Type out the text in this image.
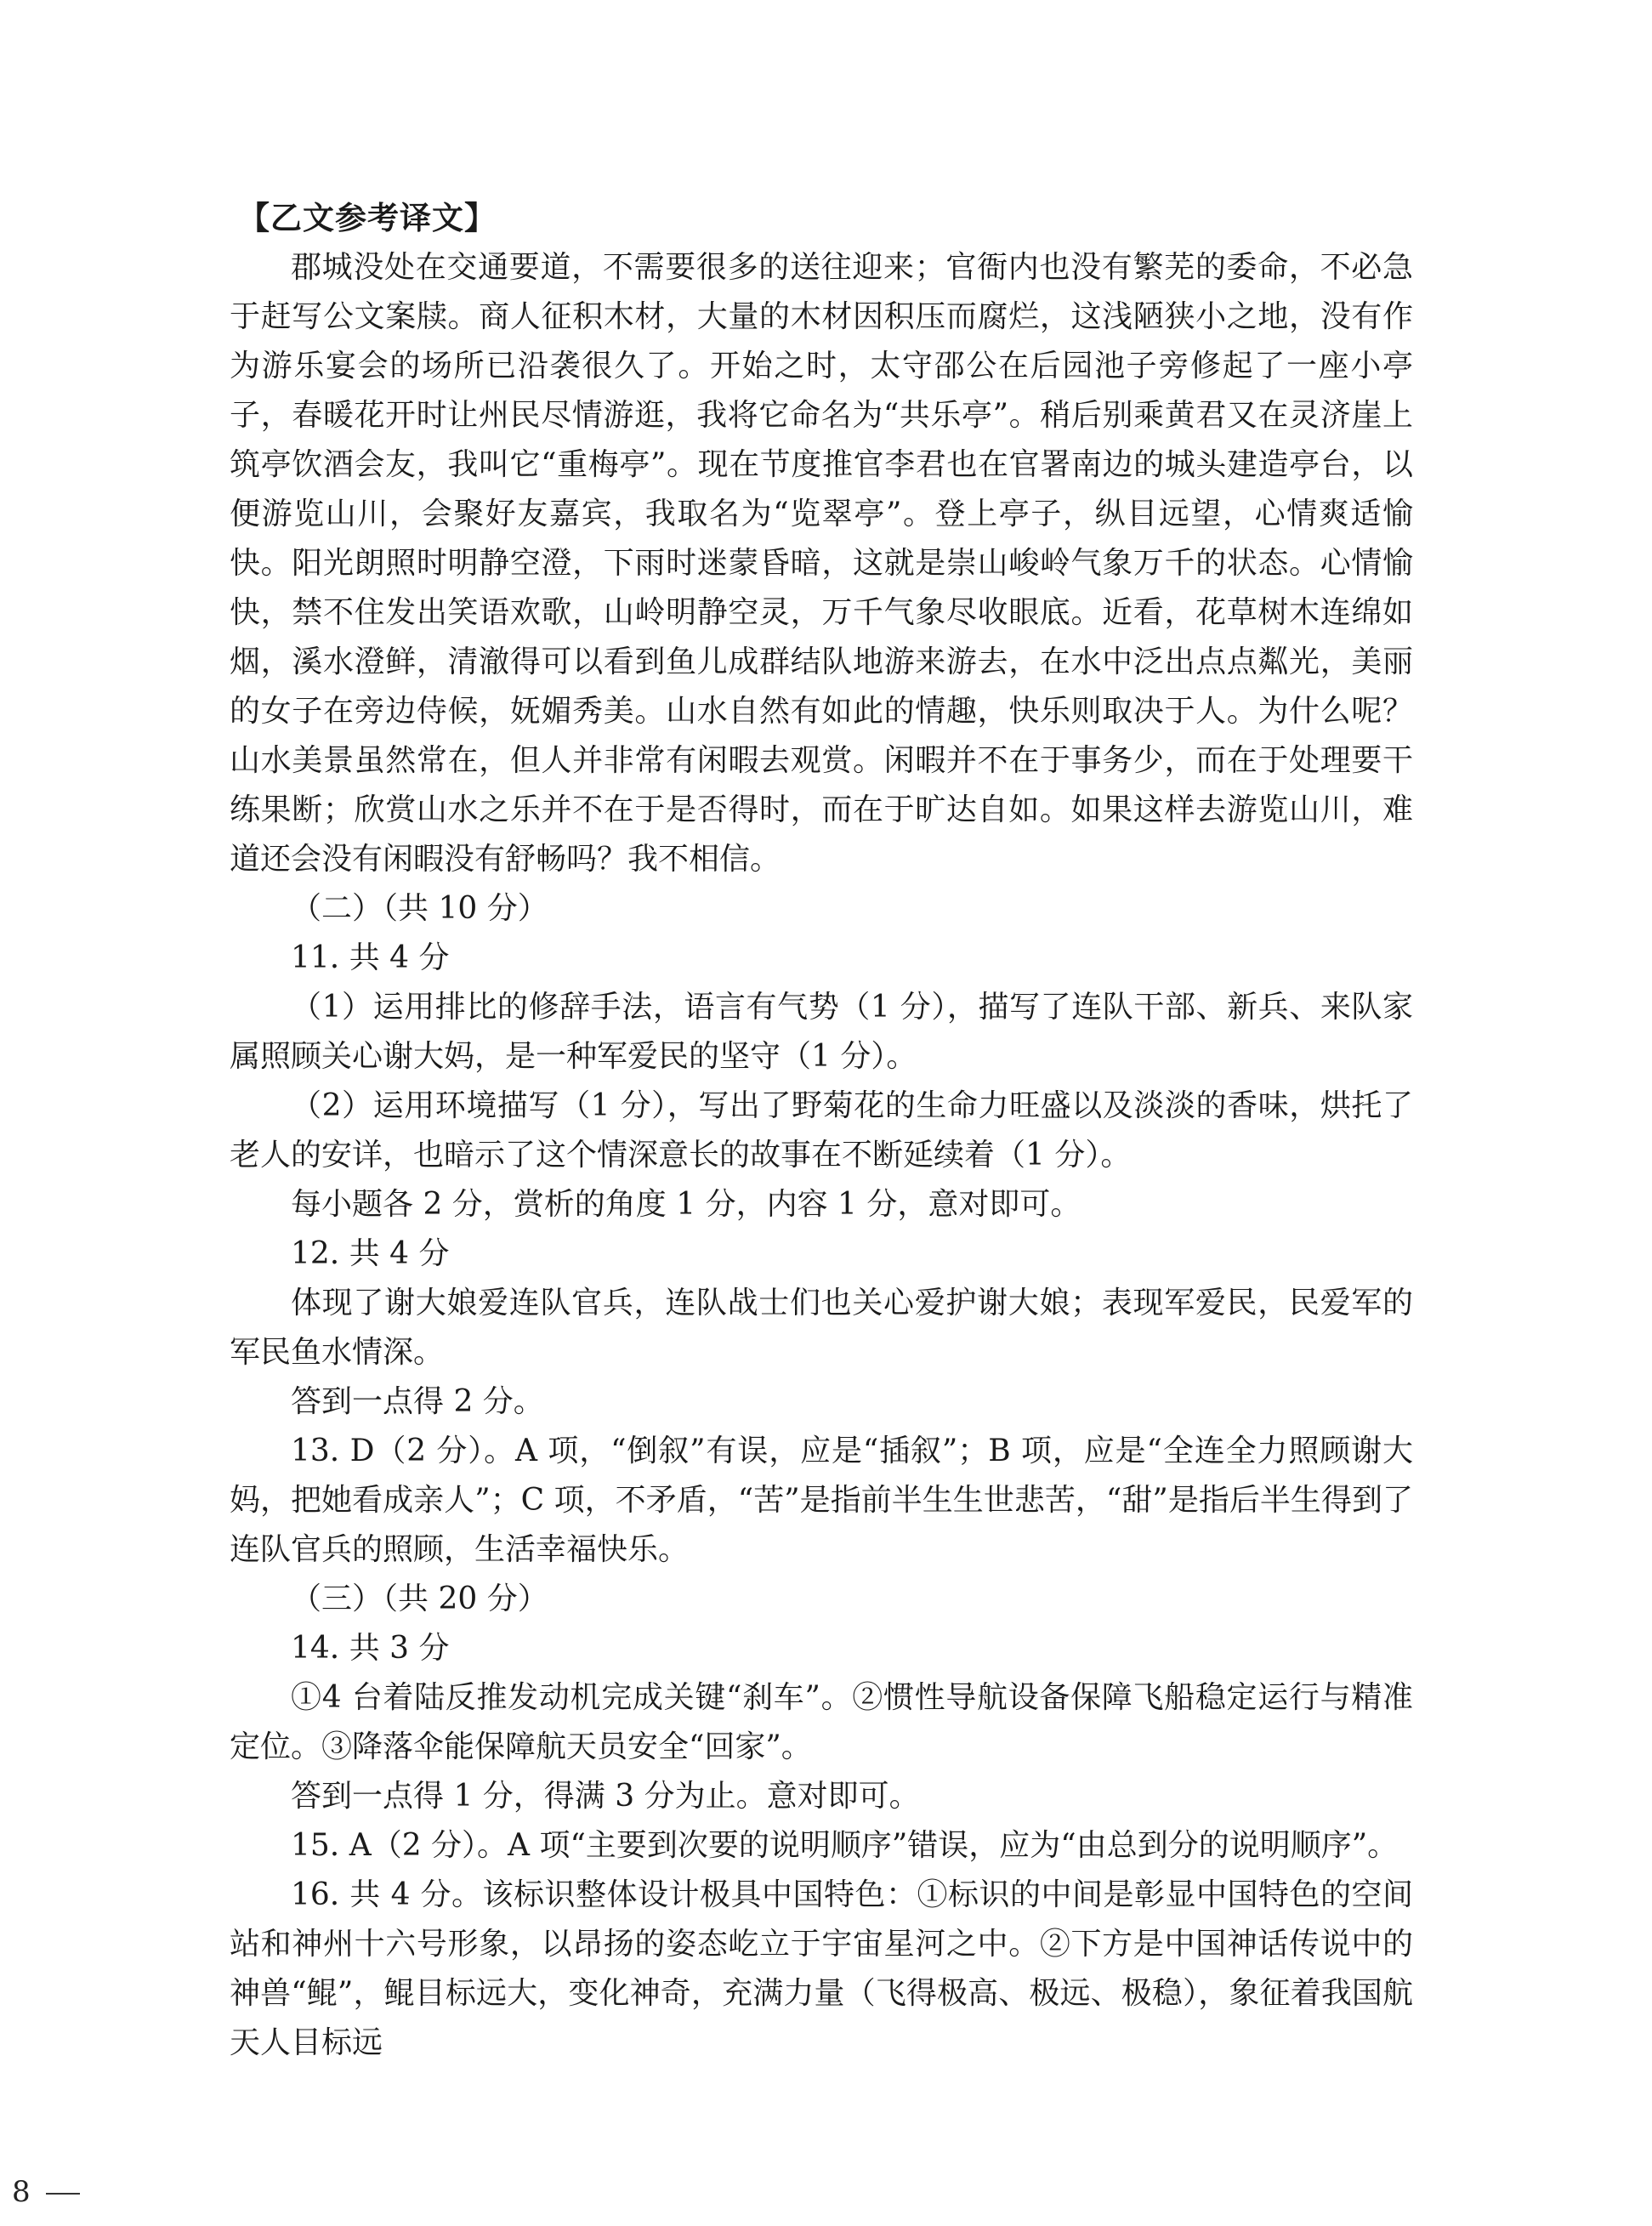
【乙文参考译文】

郡城没处在交通要道，不需要很多的送往迎来；官衙内也没有繁芜的委命，不必急于赶写公文案牍。商人征积木材，大量的木材因积压而腐烂，这浅陋狭小之地，没有作为游乐宴会的场所已沿袭很久了。开始之时，太守邵公在后园池子旁修起了一座小亭子，春暖花开时让州民尽情游逛，我将它命名为“共乐亭”。稍后别乘黄君又在灵济崖上筑亭饮酒会友，我叫它“重梅亭”。现在节度推官李君也在官署南边的城头建造亭台，以便游览山川，会聚好友嘉宾，我取名为“览翠亭”。登上亭子，纵目远望，心情爽适愉快。阳光朗照时明静空澄，下雨时迷蒙昏暗，这就是崇山峻岭气象万千的状态。心情愉快，禁不住发出笑语欢歌，山岭明静空灵，万千气象尽收眼底。近看，花草树木连绵如烟，溪水澄鲜，清澈得可以看到鱼儿成群结队地游来游去，在水中泛出点点粼光，美丽的女子在旁边侍候，妩媚秀美。山水自然有如此的情趣，快乐则取决于人。为什么呢？山水美景虽然常在，但人并非常有闲暇去观赏。闲暇并不在于事务少，而在于处理要干练果断；欣赏山水之乐并不在于是否得时，而在于旷达自如。如果这样去游览山川，难道还会没有闲暇没有舒畅吗？我不相信。

（二）（共 10 分）

11. 共 4 分

（1）运用排比的修辞手法，语言有气势（1 分），描写了连队干部、新兵、来队家属照顾关心谢大妈，是一种军爱民的坚守（1 分）。

（2）运用环境描写（1 分），写出了野菊花的生命力旺盛以及淡淡的香味，烘托了老人的安详，也暗示了这个情深意长的故事在不断延续着（1 分）。

每小题各 2 分，赏析的角度 1 分，内容 1 分，意对即可。

12. 共 4 分

体现了谢大娘爱连队官兵，连队战士们也关心爱护谢大娘；表现军爱民，民爱军的军民鱼水情深。

答到一点得 2 分。

13. D（2 分）。A 项，“倒叙”有误，应是“插叙”；B 项，应是“全连全力照顾谢大妈，把她看成亲人”；C 项，不矛盾，“苦”是指前半生生世悲苦，“甜”是指后半生得到了连队官兵的照顾，生活幸福快乐。

（三）（共 20 分）

14. 共 3 分

①4 台着陆反推发动机完成关键“刹车”。②惯性导航设备保障飞船稳定运行与精准定位。③降落伞能保障航天员安全“回家”。

答到一点得 1 分，得满 3 分为止。意对即可。

15. A（2 分）。A 项“主要到次要的说明顺序”错误，应为“由总到分的说明顺序”。

16. 共 4 分。该标识整体设计极具中国特色：①标识的中间是彰显中国特色的空间站和神州十六号形象，以昂扬的姿态屹立于宇宙星河之中。②下方是中国神话传说中的神兽“鲲”，鲲目标远大，变化神奇，充满力量（飞得极高、极远、极稳），象征着我国航天人目标远

8
